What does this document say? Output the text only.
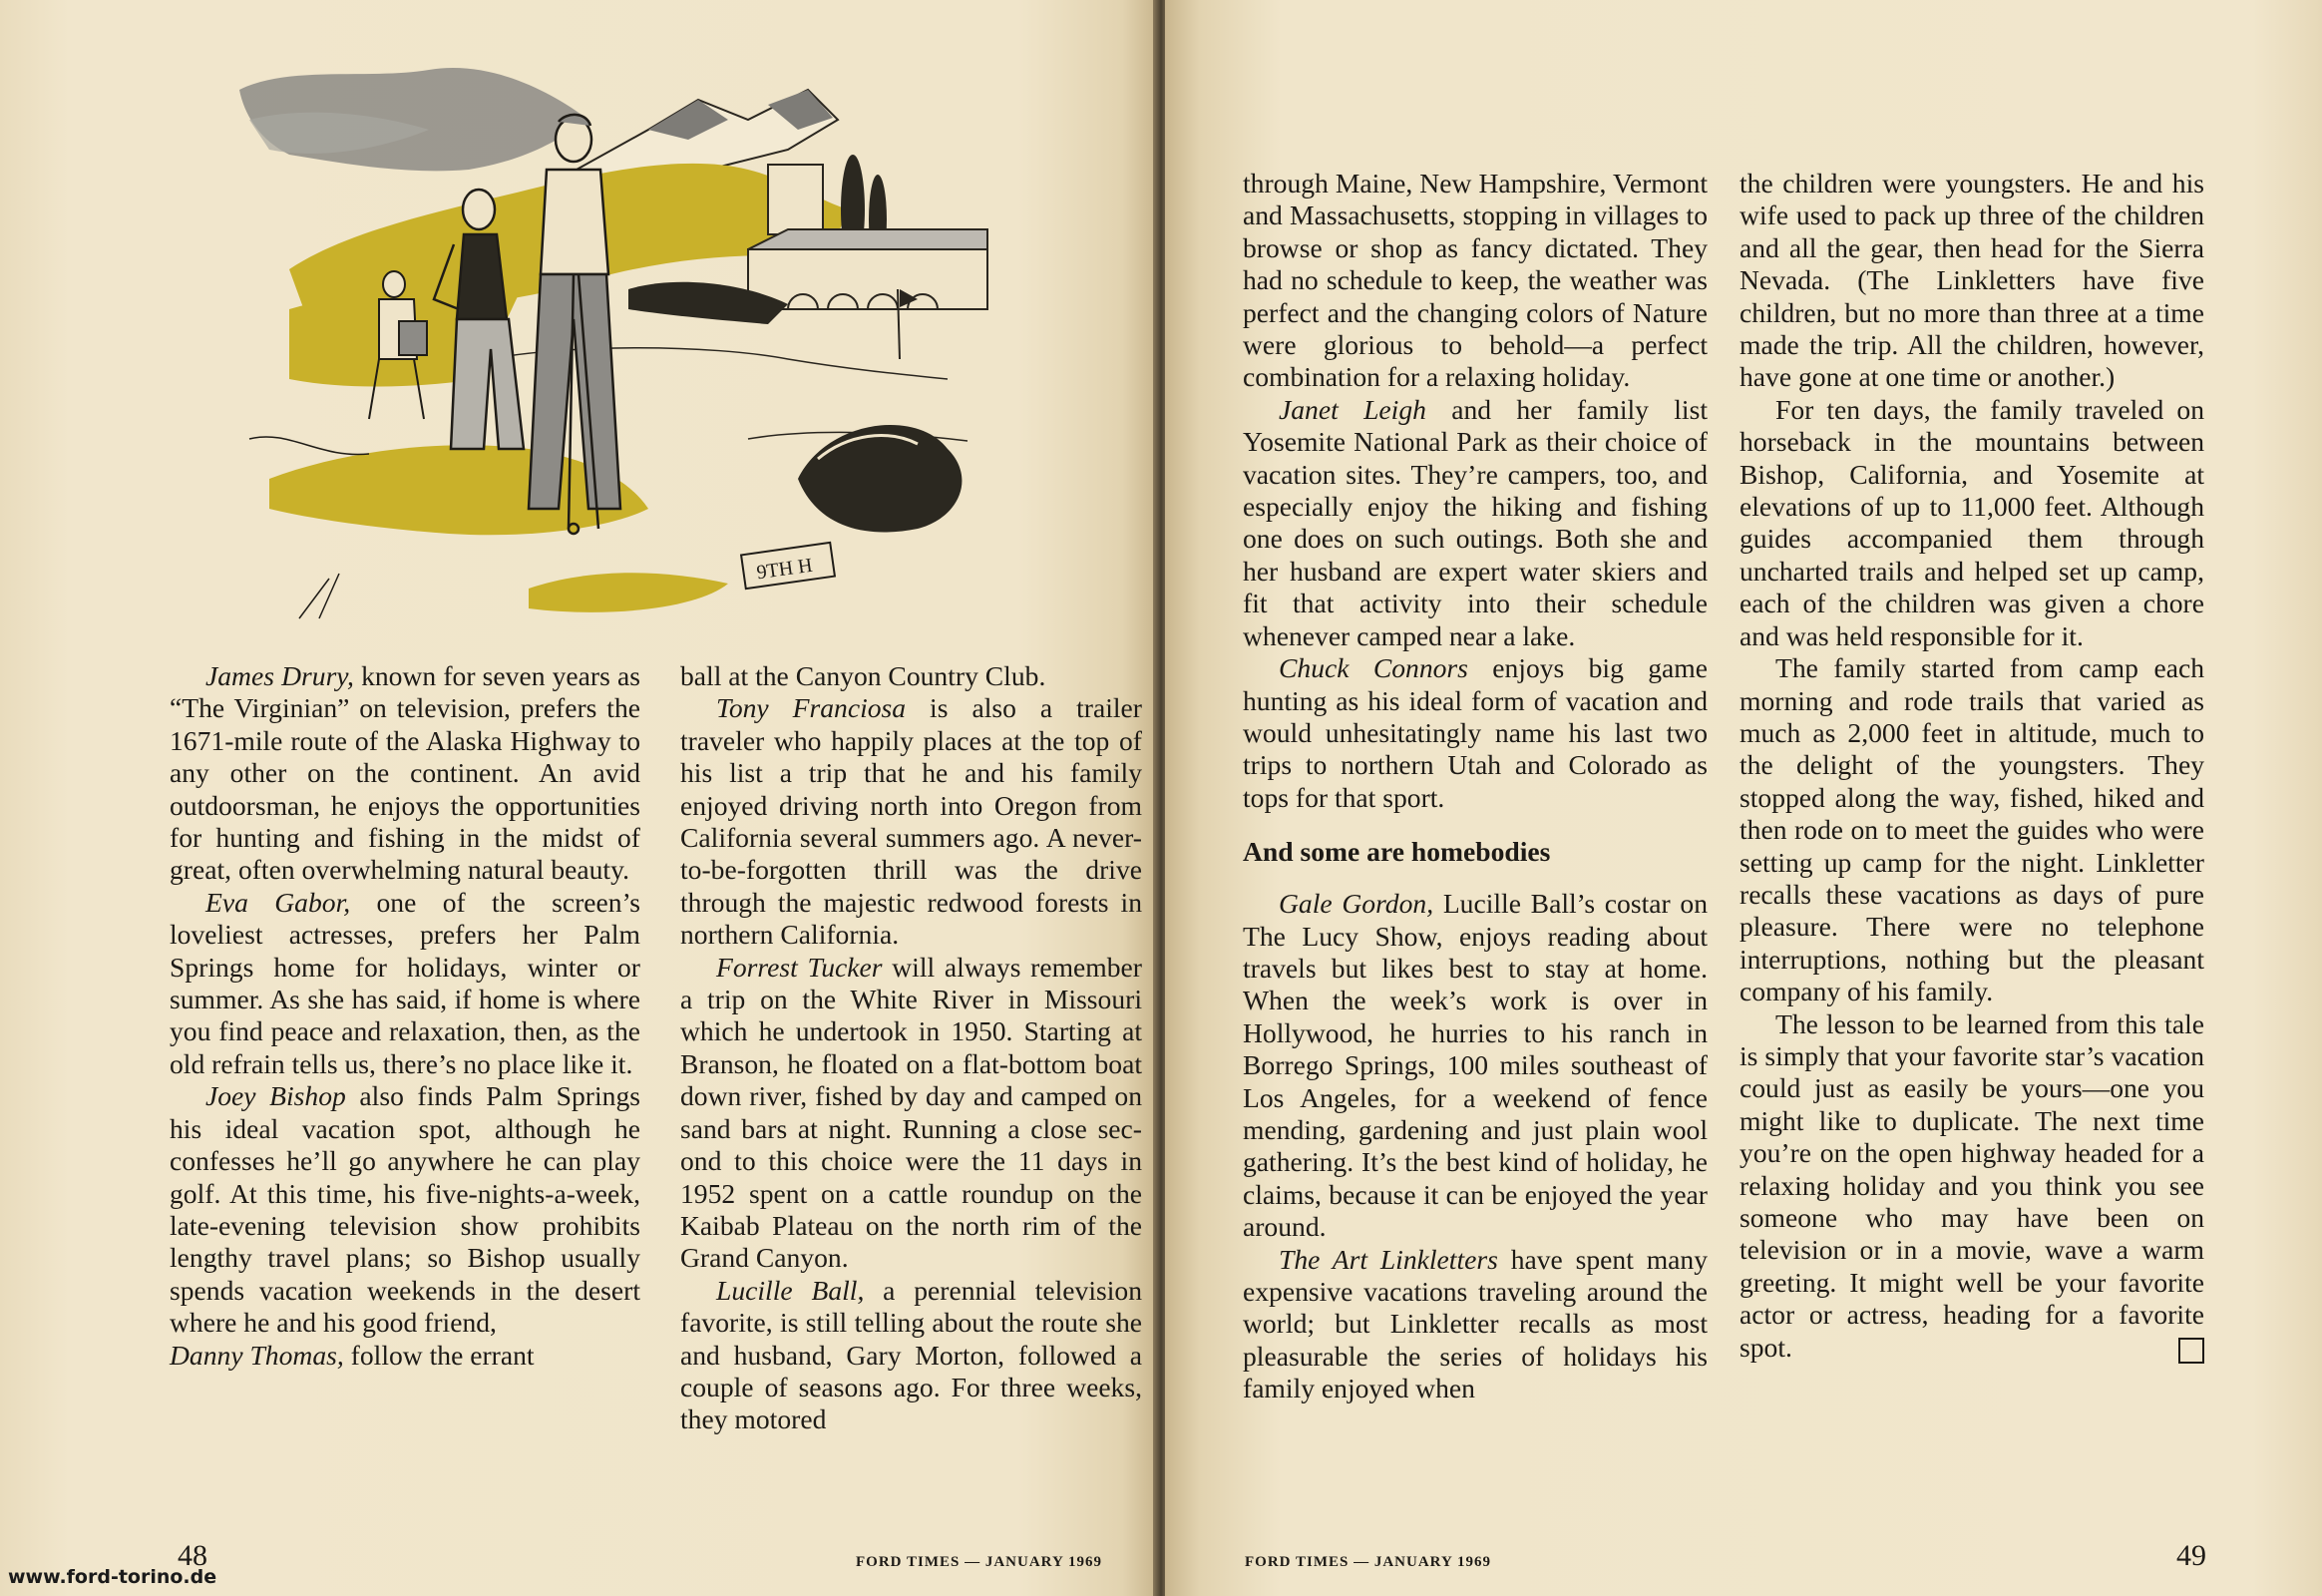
9TH H

James Drury, known for seven years as “The Virginian” on television, prefers the 1671-mile route of the Alaska Highway to any other on the continent. An avid outdoorsman, he enjoys the opportunities for hunting and fishing in the midst of great, often overwhelming natural beauty.

Eva Gabor, one of the screen’s loveliest actresses, prefers her Palm Springs home for holidays, winter or summer. As she has said, if home is where you find peace and relaxation, then, as the old refrain tells us, there’s no place like it.

Joey Bishop also finds Palm Springs his ideal vacation spot, although he confesses he’ll go anywhere he can play golf. At this time, his five-nights-a-week, late-evening television show prohibits lengthy travel plans; so Bishop usually spends vacation weekends in the desert where he and his good friend,
Danny Thomas, follow the errant

ball at the Canyon Country Club.

Tony Franciosa is also a trailer traveler who happily places at the top of his list a trip that he and his family enjoyed driving north into Oregon from California several summers ago. A never-to-be-forgotten thrill was the drive through the majestic redwood forests in northern California.

Forrest Tucker will always remember a trip on the White River in Missouri which he undertook in 1950. Starting at Branson, he floated on a flat-bottom boat down river, fished by day and camped on sand bars at night. Running a close second to this choice were the 11 days in 1952 spent on a cattle roundup on the Kaibab Plateau on the north rim of the Grand Canyon.

Lucille Ball, a perennial television favorite, is still telling about the route she and husband, Gary Morton, followed a couple of seasons ago. For three weeks, they motored

48	FORD TIMES — JANUARY 1969

through Maine, New Hampshire, Vermont and Massachusetts, stopping in villages to browse or shop as fancy dictated. They had no schedule to keep, the weather was perfect and the changing colors of Nature were glorious to behold—a perfect combination for a relaxing holiday.

Janet Leigh and her family list Yosemite National Park as their choice of vacation sites. They’re campers, too, and especially enjoy the hiking and fishing one does on such outings. Both she and her husband are expert water skiers and fit that activity into their schedule whenever camped near a lake.

Chuck Connors enjoys big game hunting as his ideal form of vacation and would unhesitatingly name his last two trips to northern Utah and Colorado as tops for that sport.

And some are homebodies

Gale Gordon, Lucille Ball’s costar on The Lucy Show, enjoys reading about travels but likes best to stay at home. When the week’s work is over in Hollywood, he hurries to his ranch in Borrego Springs, 100 miles southeast of Los Angeles, for a weekend of fence mending, gardening and just plain wool gathering. It’s the best kind of holiday, he claims, because it can be enjoyed the year around.

The Art Linkletters have spent many expensive vacations traveling around the world; but Linkletter recalls as most pleasurable the series of holidays his family enjoyed when

the children were youngsters. He and his wife used to pack up three of the children and all the gear, then head for the Sierra Nevada. (The Linkletters have five children, but no more than three at a time made the trip. All the children, however, have gone at one time or another.)

For ten days, the family traveled on horseback in the mountains between Bishop, California, and Yosemite at elevations of up to 11,000 feet. Although guides accompanied them through uncharted trails and helped set up camp, each of the children was given a chore and was held responsible for it.

The family started from camp each morning and rode trails that varied as much as 2,000 feet in altitude, much to the delight of the youngsters. They stopped along the way, fished, hiked and then rode on to meet the guides who were setting up camp for the night. Linkletter recalls these vacations as days of pure pleasure. There were no telephone interruptions, nothing but the pleasant company of his family.

The lesson to be learned from this tale is simply that your favorite star’s vacation could just as easily be yours—one you might like to duplicate. The next time you’re on the open highway headed for a relaxing holiday and you think you see someone who may have been on television or in a movie, wave a warm greeting. It might well be your favorite actor or actress, heading for a favorite spot.

FORD TIMES — JANUARY 1969	49
www.ford-torino.de
